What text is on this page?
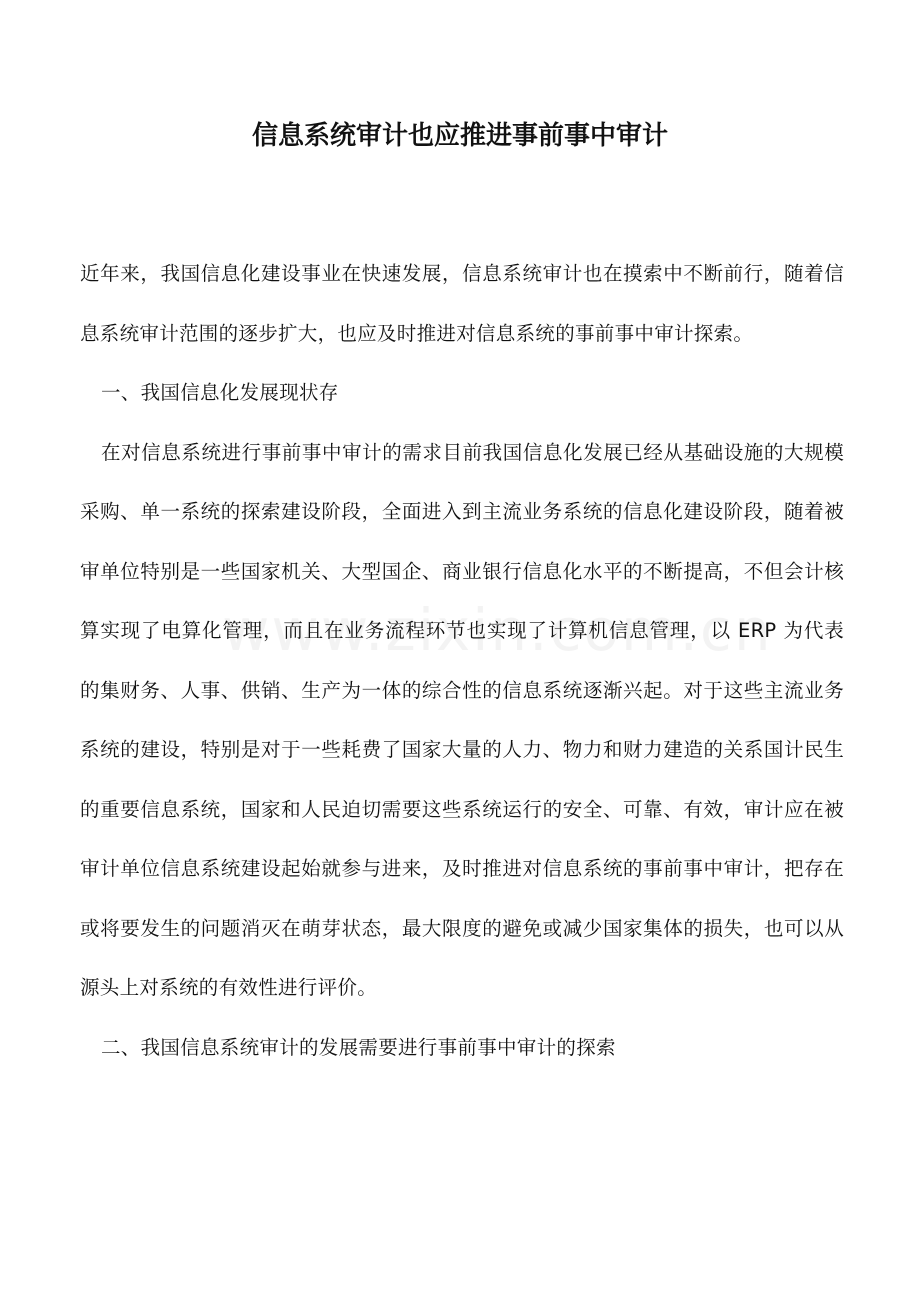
信息系统审计也应推进事前事中审计

近年来，我国信息化建设事业在快速发展，信息系统审计也在摸索中不断前行，随着信息系统审计范围的逐步扩大，也应及时推进对信息系统的事前事中审计探索。

一、我国信息化发展现状存

在对信息系统进行事前事中审计的需求目前我国信息化发展已经从基础设施的大规模采购、单一系统的探索建设阶段，全面进入到主流业务系统的信息化建设阶段，随着被审单位特别是一些国家机关、大型国企、商业银行信息化水平的不断提高，不但会计核算实现了电算化管理，而且在业务流程环节也实现了计算机信息管理，以 ERP 为代表的集财务、人事、供销、生产为一体的综合性的信息系统逐渐兴起。对于这些主流业务系统的建设，特别是对于一些耗费了国家大量的人力、物力和财力建造的关系国计民生的重要信息系统，国家和人民迫切需要这些系统运行的安全、可靠、有效，审计应在被审计单位信息系统建设起始就参与进来，及时推进对信息系统的事前事中审计，把存在或将要发生的问题消灭在萌芽状态，最大限度的避免或减少国家集体的损失，也可以从源头上对系统的有效性进行评价。

二、我国信息系统审计的发展需要进行事前事中审计的探索
